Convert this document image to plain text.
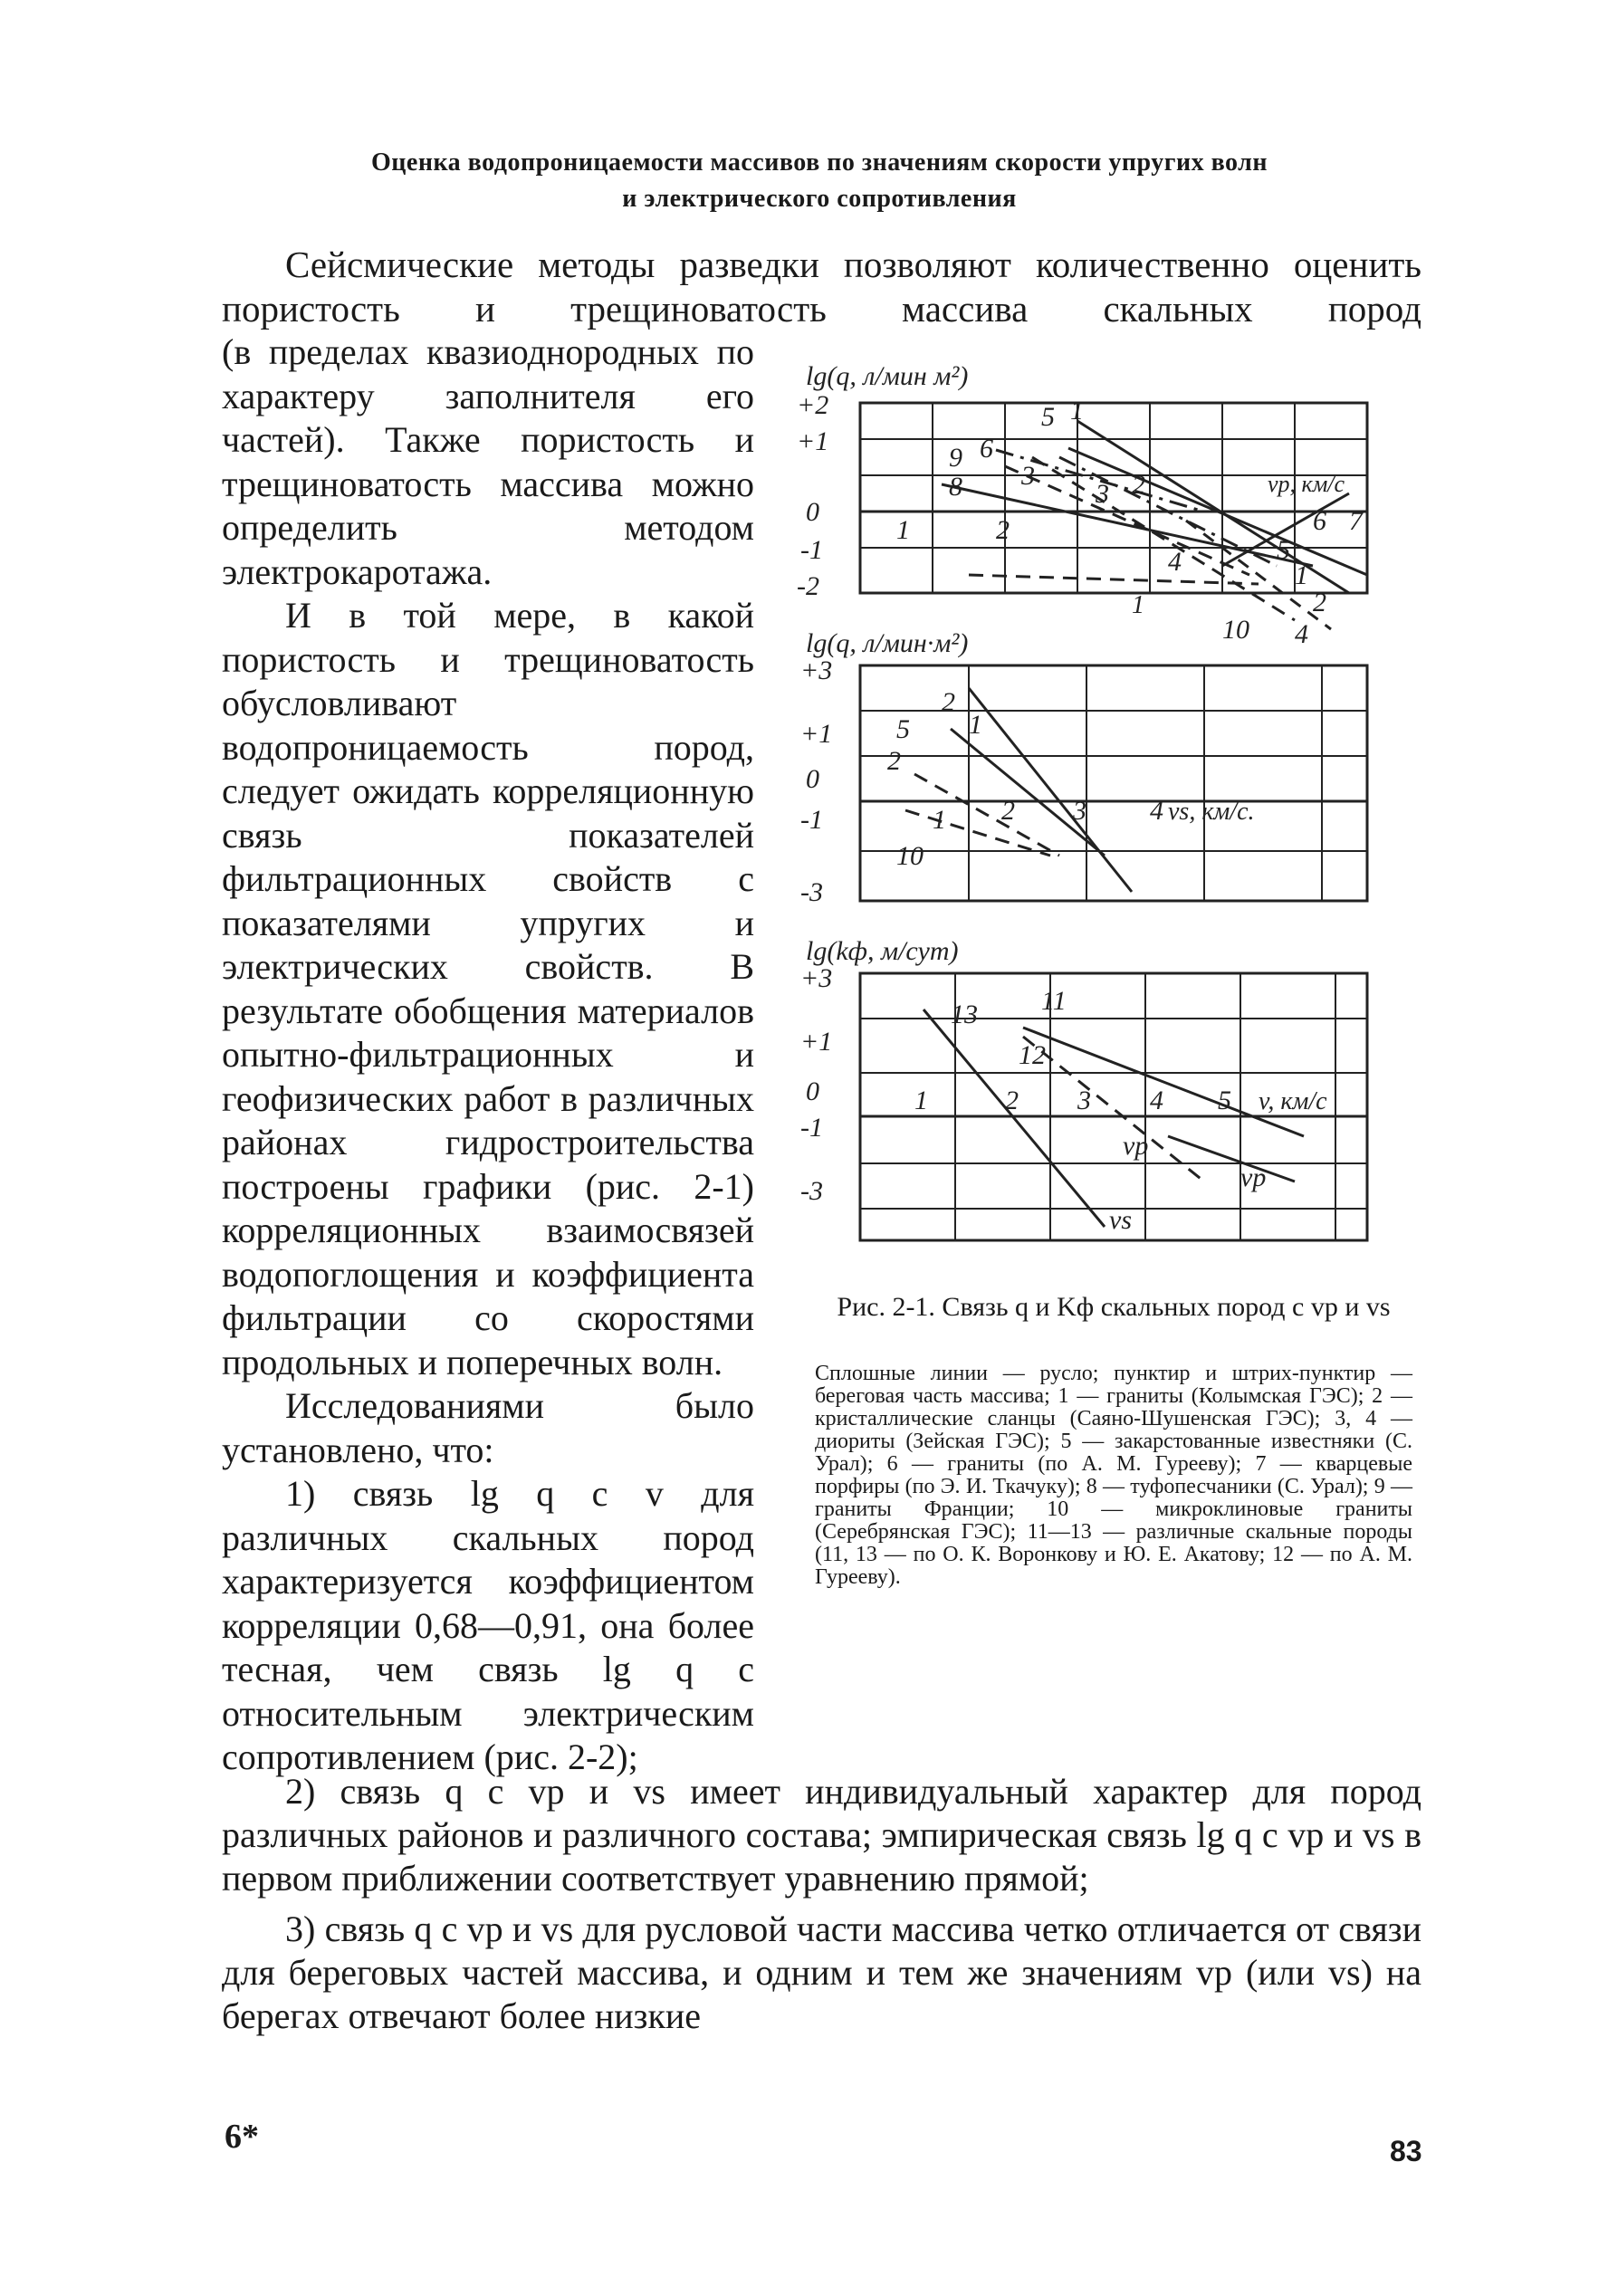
Оценка водопроницаемости массивов по значениям скорости упругих волн
и электрического сопротивления

Сейсмические методы разведки позволяют количественно оценить пористость и трещиноватость массива скальных пород

(в пределах квазиоднородных по характеру заполнителя его частей). Также пористость и трещиноватость массива можно определить методом электрокаротажа.

И в той мере, в какой пористость и трещиноватость обусловливают водопроницаемость пород, следует ожидать корреляционную связь показателей фильтрационных свойств с показателями упругих и электрических свойств. В результате обобщения материалов опытно-фильтрационных и геофизических работ в различных районах гидростроительства построены графики (рис. 2-1) корреляционных взаимосвязей водопоглощения и коэффициента фильтрации со скоростями продольных и поперечных волн.

Исследованиями было установлено, что:

1) связь lg q с v для различных скальных пород характеризуется коэффициентом корреляции 0,68—0,91, она более тесная, чем связь lg q с относительным электрическим сопротивлением (рис. 2-2);

lg(q, л/мин м²)
+2
+1
0
-1
-2
vp, км/с
1	2
3
4	5
6 7
5 1
9 6
3
8	2
1
2
1
10 4
lg(q, л/мин·м²)
+3
+1
0
-1
-3
vs, км/с.
1 2 3 4
2
1
5
2
10
lg(kф, м/сут)
+3
+1
0
-1
-3
v, км/с
1	2 3 4 5
11
13
12
vp
vp
vs
Рис. 2-1. Связь q и Kф скальных пород с vp и vs
Сплошные линии — русло; пунктир и штрих-пунктир — береговая часть массива; 1 — граниты (Колымская ГЭС); 2 — кристаллические сланцы (Саяно-Шушенская ГЭС); 3, 4 — диориты (Зейская ГЭС); 5 — закарстованные известняки (С. Урал); 6 — граниты (по А. М. Гурееву); 7 — кварцевые порфиры (по Э. И. Ткачуку); 8 — туфопесчаники (С. Урал); 9 — граниты Франции; 10 — микроклиновые граниты (Серебрянская ГЭС); 11—13 — различные скальные породы (11, 13 — по О. К. Воронкову и Ю. Е. Акатову; 12 — по А. М. Гурееву).

2) связь q с vp и vs имеет индивидуальный характер для пород различных районов и различного состава; эмпирическая связь lg q с vp и vs в первом приближении соответствует уравнению прямой;

3) связь q с vp и vs для русловой части массива четко отличается от связи для береговых частей массива, и одним и тем же значениям vp (или vs) на берегах отвечают более низкие

6*	83
